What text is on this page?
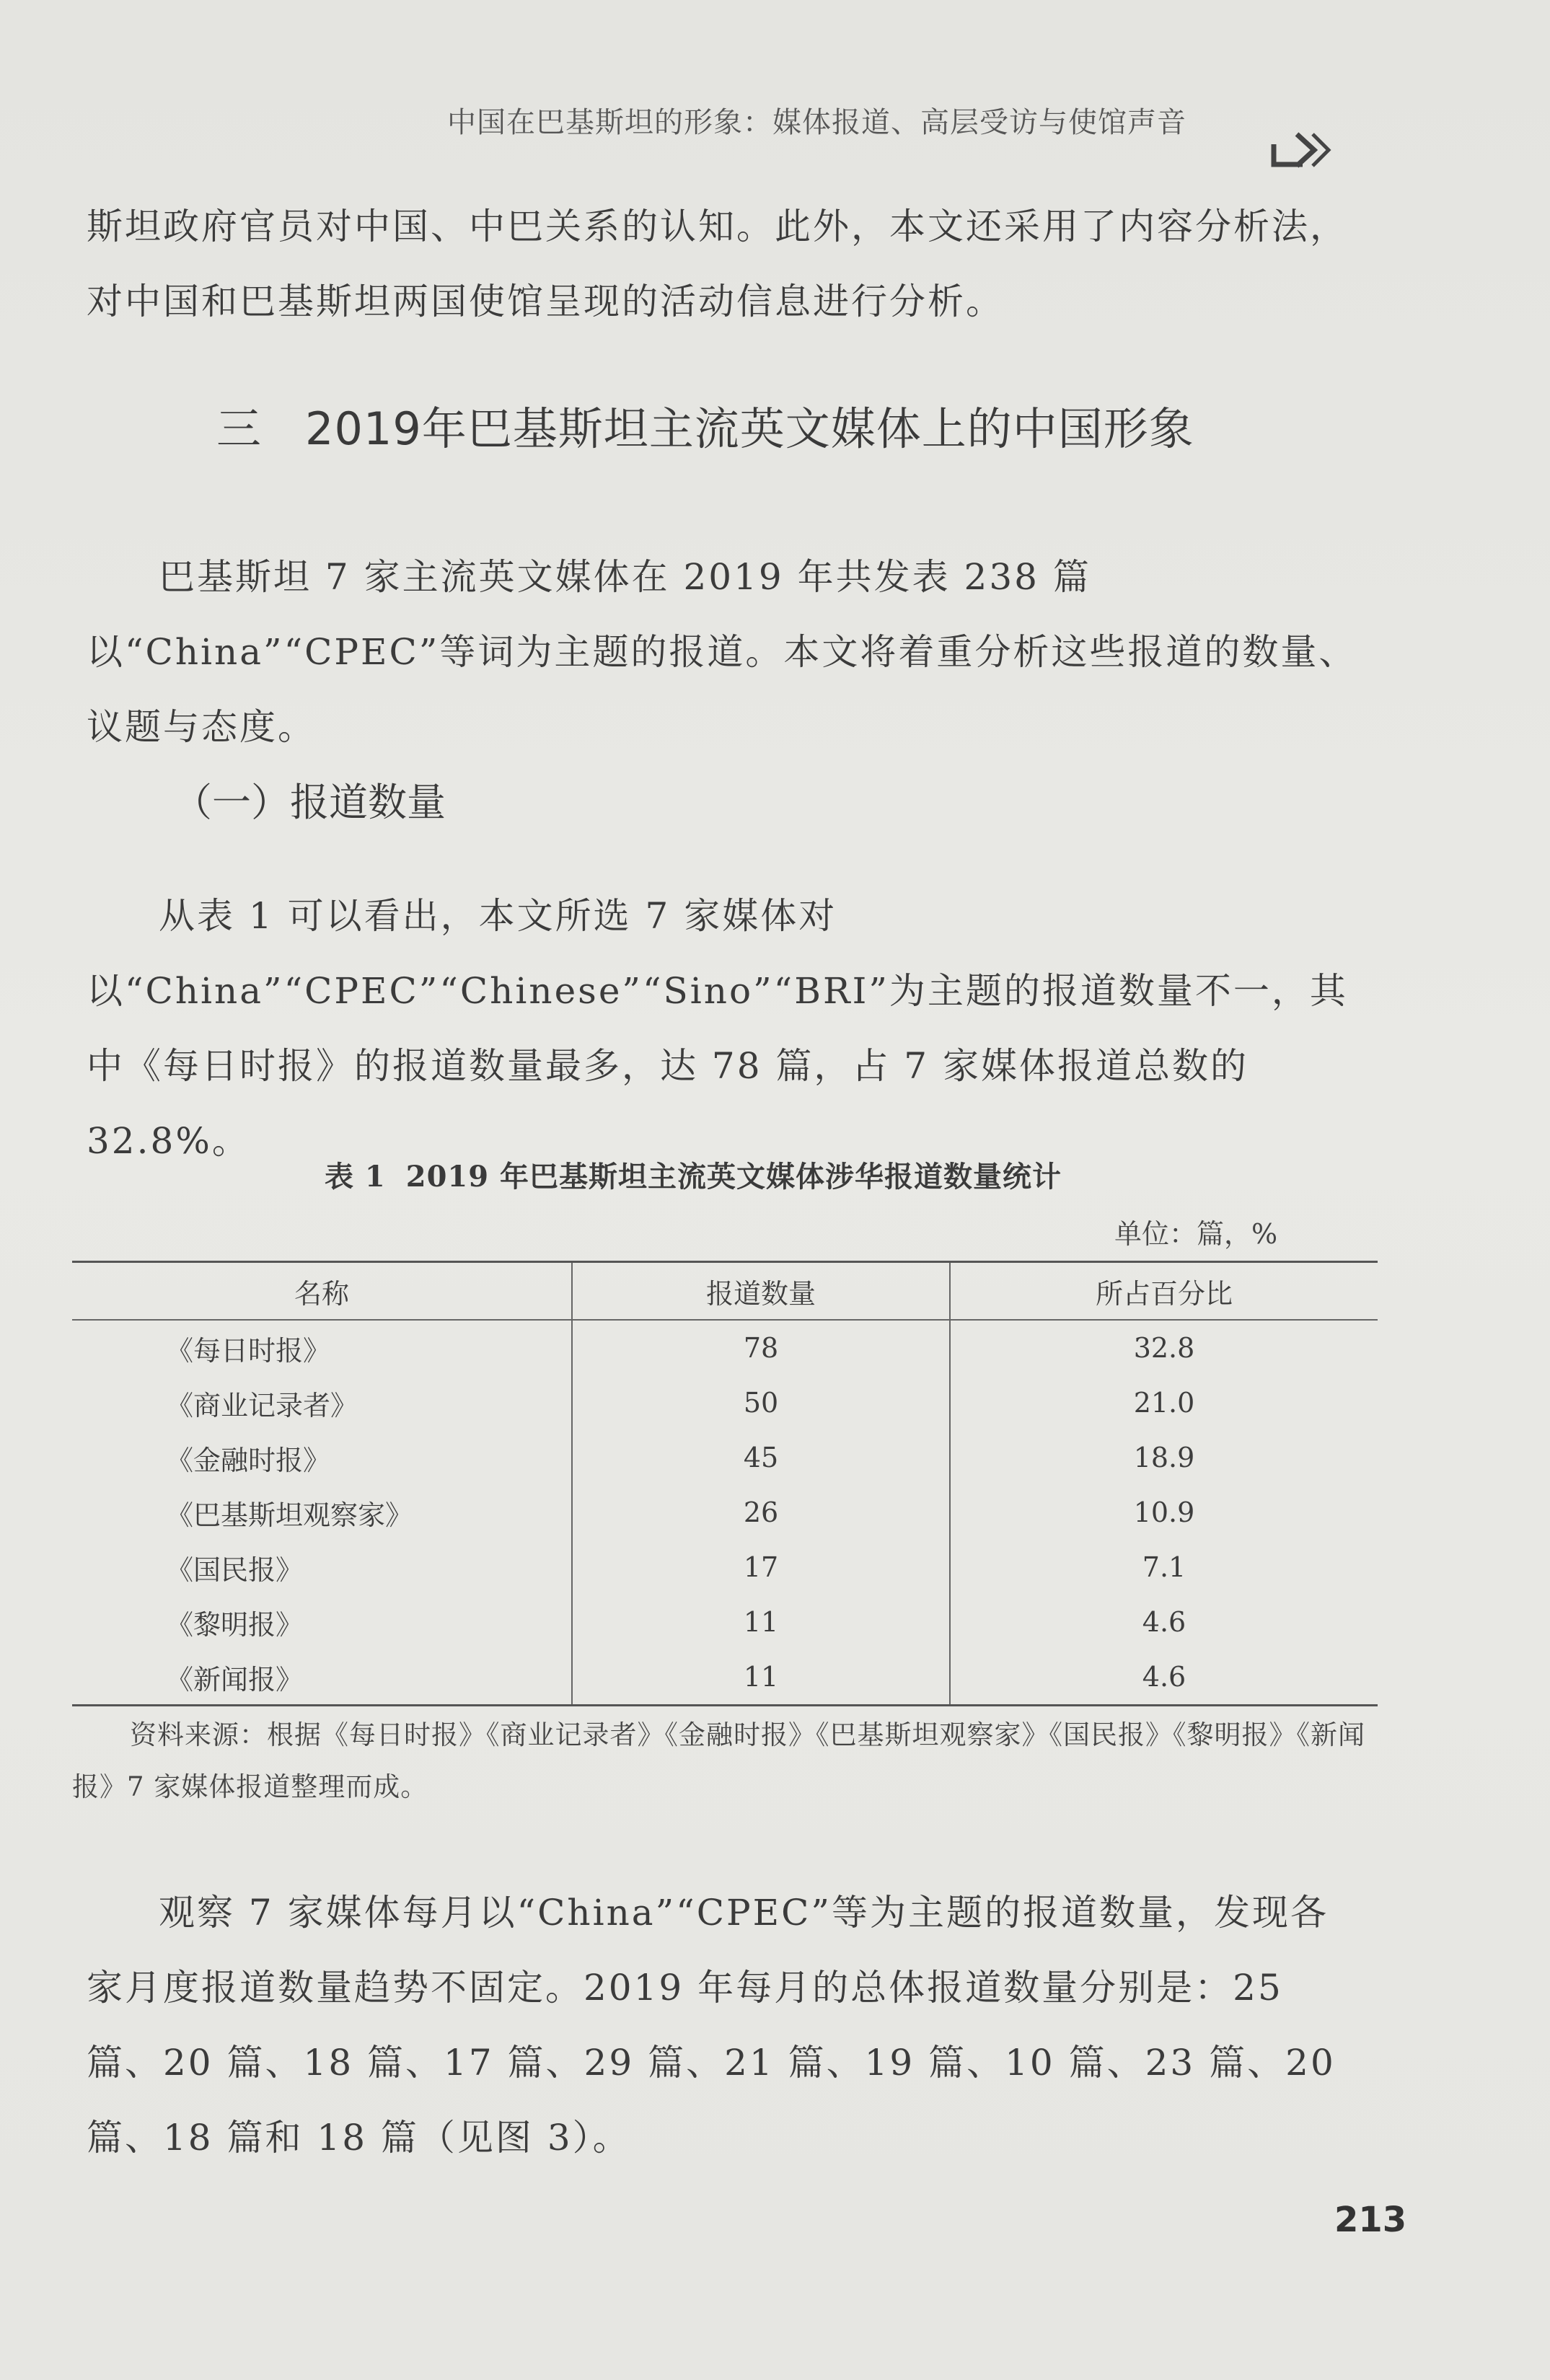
中国在巴基斯坦的形象：媒体报道、高层受访与使馆声音
斯坦政府官员对中国、中巴关系的认知。此外，本文还采用了内容分析法，对中国和巴基斯坦两国使馆呈现的活动信息进行分析。
三 2019年巴基斯坦主流英文媒体上的中国形象
巴基斯坦 7 家主流英文媒体在 2019 年共发表 238 篇以“China”“CPEC”等词为主题的报道。本文将着重分析这些报道的数量、议题与态度。
（一）报道数量
从表 1 可以看出，本文所选 7 家媒体对以“China”“CPEC”“Chinese”“Sino”“BRI”为主题的报道数量不一，其中《每日时报》的报道数量最多，达 78 篇，占 7 家媒体报道总数的 32.8%。
表 1 2019 年巴基斯坦主流英文媒体涉华报道数量统计
单位：篇，%
名称	报道数量	所占百分比
《每日时报》	78	32.8
《商业记录者》	50	21.0
《金融时报》	45	18.9
《巴基斯坦观察家》	26	10.9
《国民报》	17	7.1
《黎明报》	11	4.6
《新闻报》	11	4.6
资料来源：根据《每日时报》《商业记录者》《金融时报》《巴基斯坦观察家》《国民报》《黎明报》《新闻报》7 家媒体报道整理而成。
观察 7 家媒体每月以“China”“CPEC”等为主题的报道数量，发现各家月度报道数量趋势不固定。2019 年每月的总体报道数量分别是：25 篇、20 篇、18 篇、17 篇、29 篇、21 篇、19 篇、10 篇、23 篇、20 篇、18 篇和 18 篇（见图 3）。
213
